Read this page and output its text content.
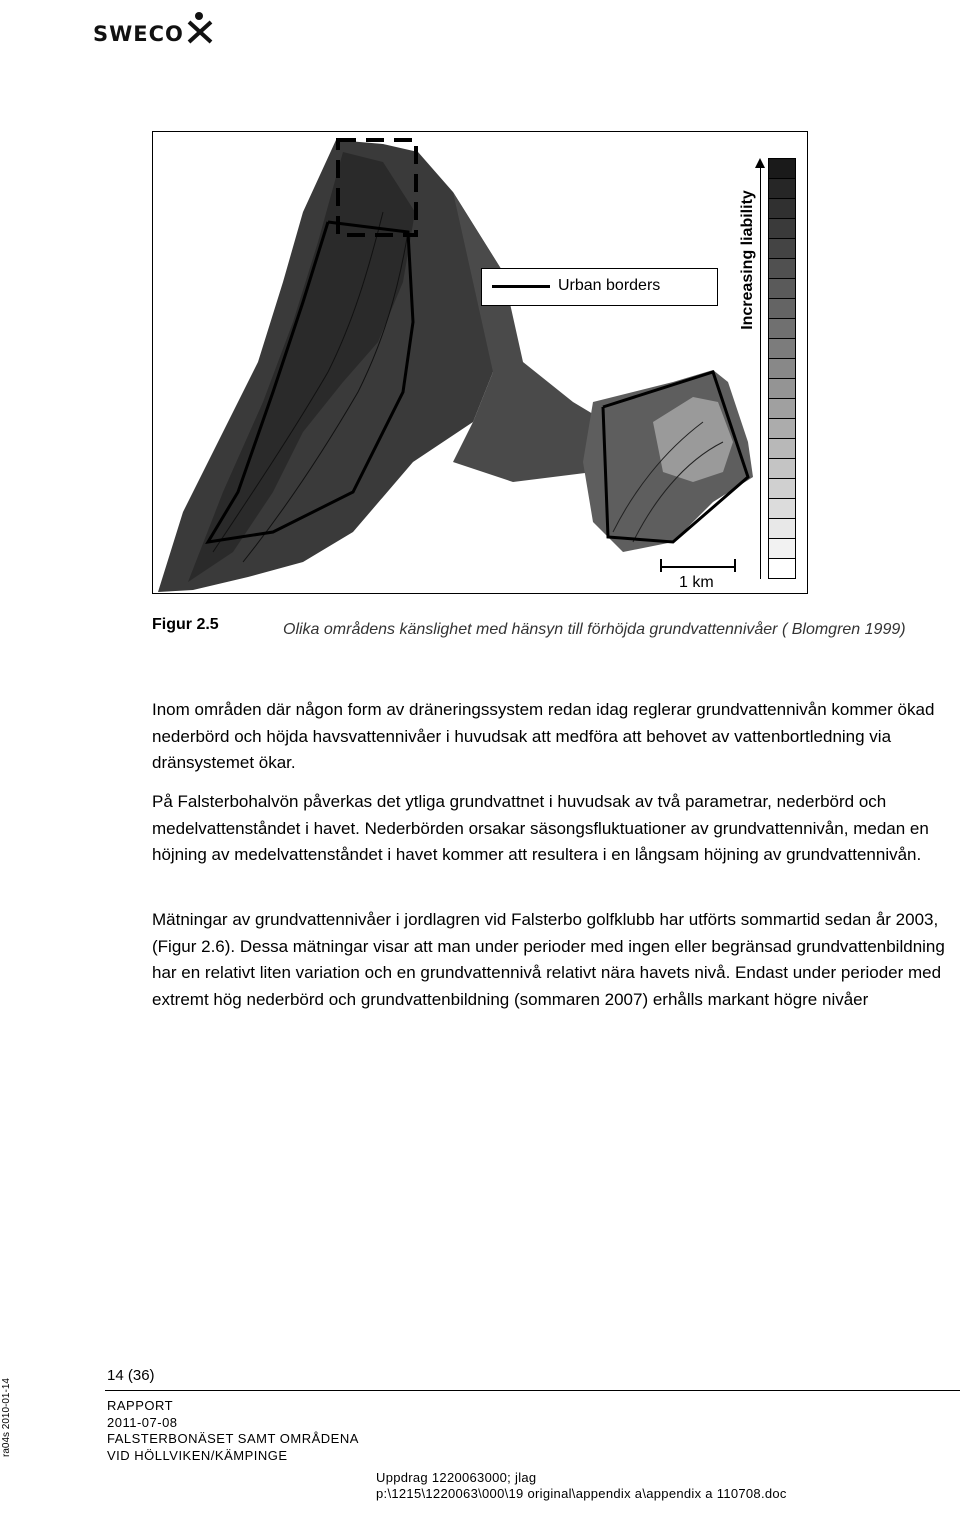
SWECO
Urban borders	Increasing liability
1 km
Figur 2.5	Olika områdens känslighet med hänsyn till förhöjda grundvattennivåer ( Blomgren 1999)
Inom områden där någon form av dräneringssystem redan idag reglerar grundvattennivån kommer ökad nederbörd och höjda havsvattennivåer i huvudsak att medföra att behovet av vattenbortledning via dränsystemet ökar.
På Falsterbohalvön påverkas det ytliga grundvattnet i huvudsak av två parametrar, nederbörd och medelvattenståndet i havet. Nederbörden orsakar säsongsfluktuationer av grundvattennivån, medan en höjning av medelvattenståndet i havet kommer att resultera i en långsam höjning av grundvattennivån.
Mätningar av grundvattennivåer i jordlagren vid Falsterbo golfklubb har utförts sommartid sedan år 2003, (Figur 2.6). Dessa mätningar visar att man under perioder med ingen eller begränsad grundvattenbildning har en relativt liten variation och en grundvattennivå relativt nära havets nivå. Endast under perioder med extremt hög nederbörd och grundvattenbildning (sommaren 2007) erhålls markant högre nivåer
14 (36)
RAPPORT
2011-07-08
FALSTERBONÄSET SAMT OMRÅDENA
VID HÖLLVIKEN/KÄMPINGE
ra04s 2010-01-14
Uppdrag 1220063000; jlag
p:\1215\1220063\000\19 original\appendix a\appendix a 110708.doc
